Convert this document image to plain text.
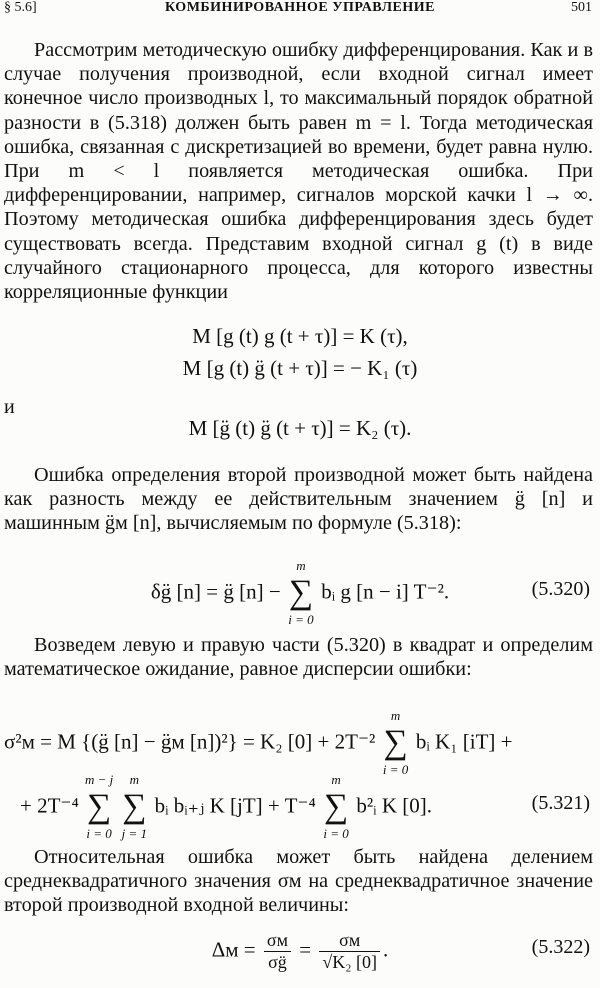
§ 5.6]	КОМБИНИРОВАННОЕ УПРАВЛЕНИЕ	501

Рассмотрим методическую ошибку дифференцирования. Как и в случае получения производной, если входной сигнал имеет конечное число производных l, то максимальный порядок обратной разности в (5.318) должен быть равен m = l. Тогда методическая ошибка, связанная с дискретизацией во времени, будет равна нулю. При m < l появляется методическая ошибка. При дифференцировании, например, сигналов морской качки l → ∞. Поэтому методическая ошибка дифференцирования здесь будет существовать всегда. Представим входной сигнал g (t) в виде случайного стационарного процесса, для которого известны корреляционные функции

M [g (t) g (t + τ)] = K (τ),
M [g (t) g̈ (t + τ)] = − K₁ (τ)
и
M [g̈ (t) g̈ (t + τ)] = K₂ (τ).

Ошибка определения второй производной может быть найдена как разность между ее действительным значением g̈ [n] и машинным g̈м [n], вычисляемым по формуле (5.318):

δg̈ [n] = g̈ [n] −
m
∑
i = 0
bᵢ g [n − i] T⁻².	(5.320)

Возведем левую и правую части (5.320) в квадрат и определим математическое ожидание, равное дисперсии ошибки:

σ²м = M {(g̈ [n] − g̈м [n])²} = K₂ [0] + 2T⁻²
m
∑
i = 0
bᵢ K₁ [iT] +
+ 2T⁻⁴
m − j
∑
i = 0

m
∑
j = 1
bᵢ bᵢ₊ⱼ K [jT] + T⁻⁴
m
∑
i = 0
b²ᵢ K [0].	(5.321)

Относительная ошибка может быть найдена делением среднеквадратичного значения σм на среднеквадратичное значение второй производной входной величины:

$\Delta м = \frac{\sigma м}{\sigma g̈} = \frac{\sigma м}{\text{√K₂ [0]}}$ .	(5.322)
